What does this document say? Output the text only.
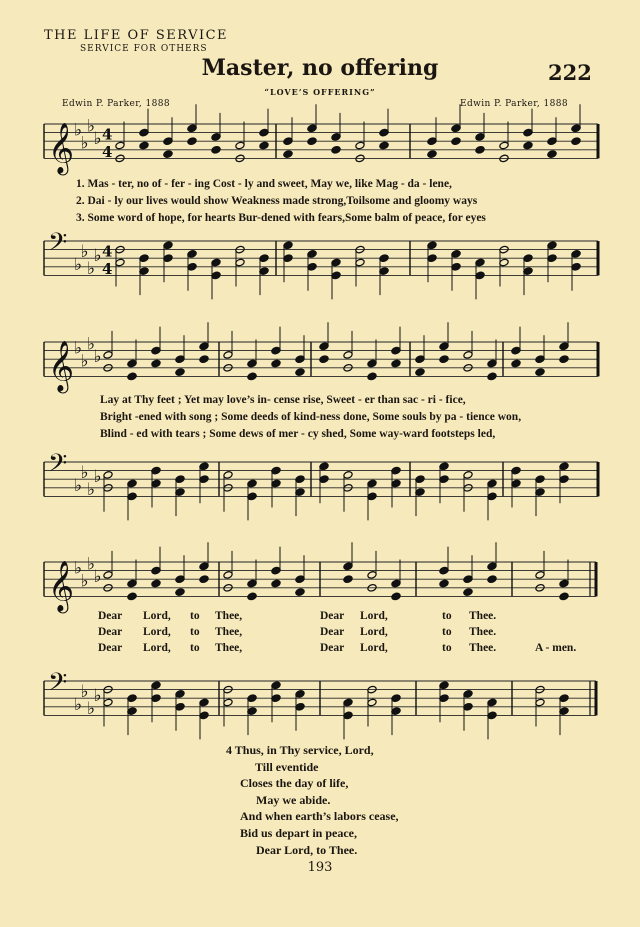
THE LIFE OF SERVICE
SERVICE FOR OTHERS
Master, no offering	222
“LOVE’S OFFERING”
Edwin P. Parker, 1888	Edwin P. Parker, 1888
𝄞 ♭
♭
♭
♭ 4
4
1. Mas - ter, no of - fer - ing Cost - ly and sweet, May we, like Mag - da - lene,
2. Dai - ly our lives would show Weakness made strong,Toilsome and gloomy ways
3. Some word of hope, for hearts Bur-dened with fears,Some balm of peace, for eyes
𝄢
♭
♭
♭
♭ 4
4
𝄞 ♭
♭
♭
♭
Lay at Thy feet ; Yet may love’s in- cense rise, Sweet - er than sac - ri - fice,
Bright -ened with song ; Some deeds of kind-ness done, Some souls by pa - tience won,
Blind - ed with tears ; Some dews of mer - cy shed, Some way-ward footsteps led,
𝄢
♭
♭
♭
♭
𝄞 ♭
♭
♭
♭
Dear Lord, to Thee,	Dear Lord,	to Thee.
Dear Lord, to Thee,	Dear Lord,	to Thee.
Dear Lord, to Thee,	Dear Lord,	to Thee.	A - men.
𝄢
♭
♭
♭
♭
4 Thus, in Thy service, Lord,
Till eventide
Closes the day of life,
May we abide.
And when earth’s labors cease,
Bid us depart in peace,
Dear Lord, to Thee.
193
